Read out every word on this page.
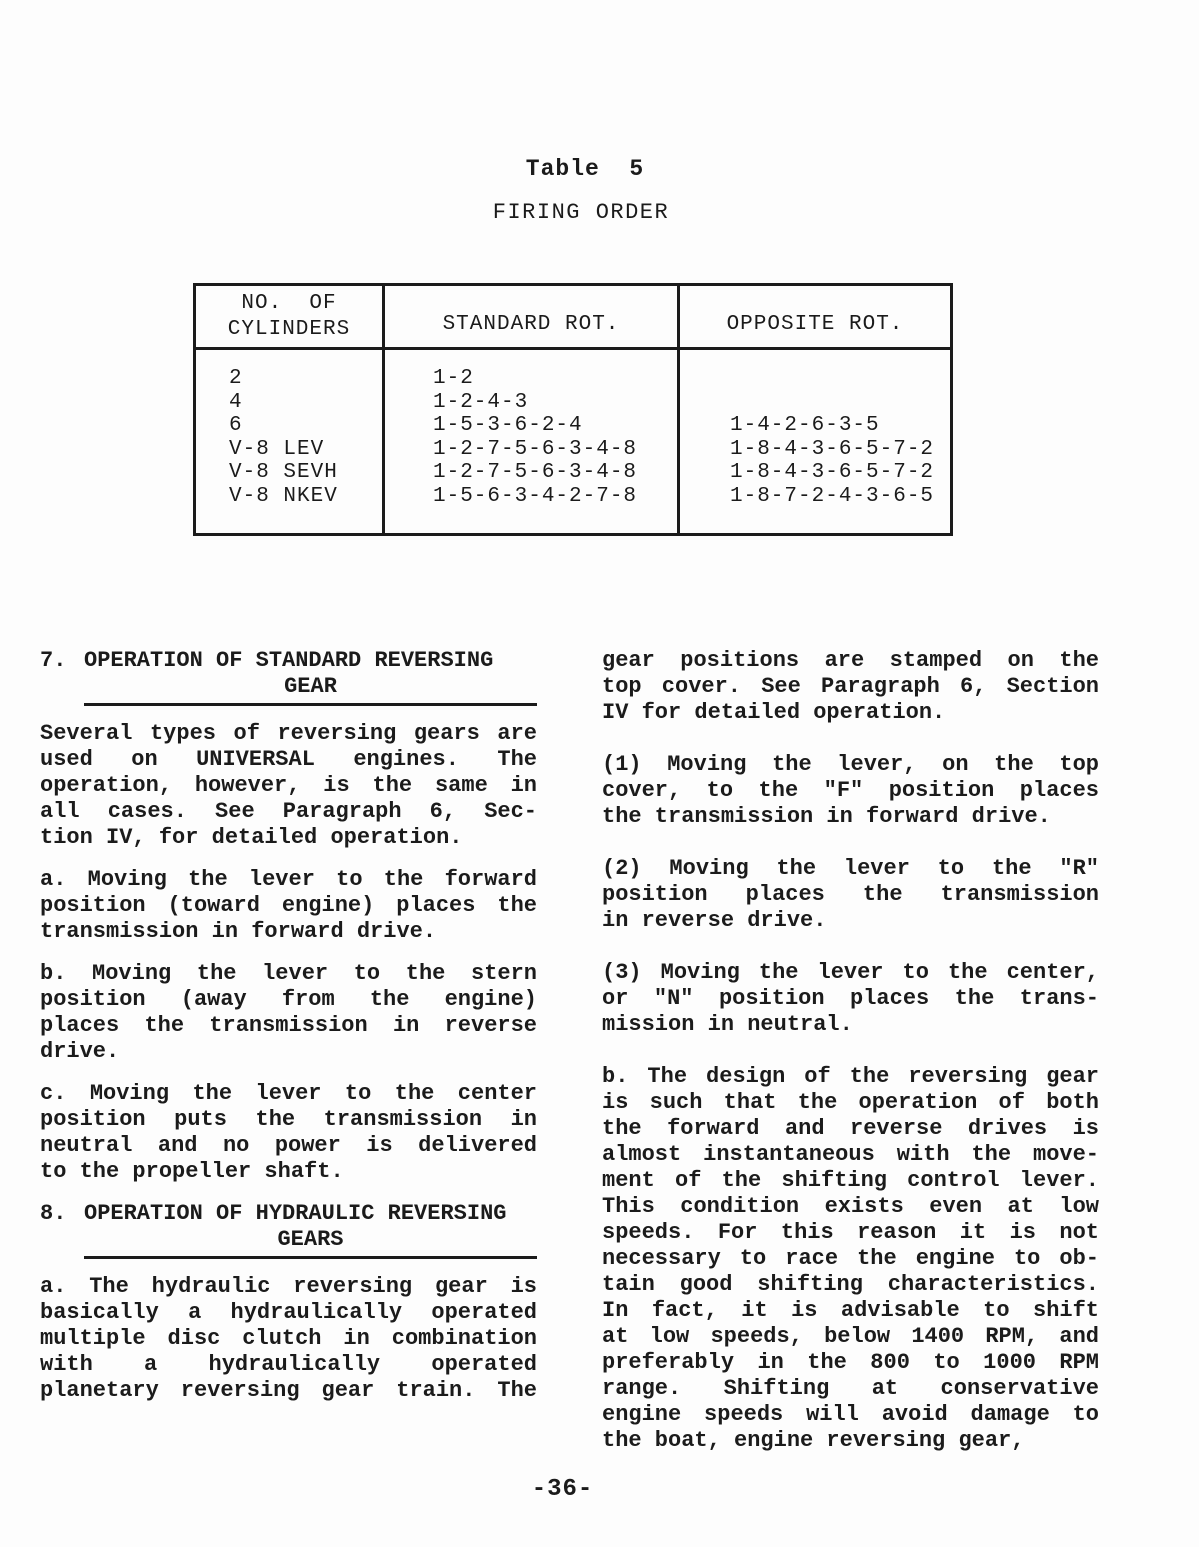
Table  5
FIRING ORDER
NO.  OF
CYLINDERS	STANDARD ROT.	OPPOSITE ROT.
2
4
6
V-8 LEV
V-8 SEVH
V-8 NKEV
1-2
1-2-4-3
1-5-3-6-2-4
1-2-7-5-6-3-4-8
1-2-7-5-6-3-4-8
1-5-6-3-4-2-7-8

1-4-2-6-3-5
1-8-4-3-6-5-7-2
1-8-4-3-6-5-7-2
1-8-7-2-4-3-6-5
7. OPERATION OF STANDARD REVERSING
GEAR
Several types of reversing gears are
used on UNIVERSAL engines. The
operation, however, is the same in
all cases. See Paragraph 6, Sec-
tion IV, for detailed operation.
a. Moving the lever to the forward
position (toward engine) places the
transmission in forward drive.
b. Moving the lever to the stern
position (away from the engine)
places the transmission in reverse
drive.
c. Moving the lever to the center
position puts the transmission in
neutral and no power is delivered
to the propeller shaft.
8. OPERATION OF HYDRAULIC REVERSING
GEARS
a. The hydraulic reversing gear is
basically a hydraulically operated
multiple disc clutch in combination
with a hydraulically operated
planetary reversing gear train. The
gear positions are stamped on the
top cover. See Paragraph 6, Section
IV for detailed operation.
(1) Moving the lever, on the top
cover, to the "F" position places
the transmission in forward drive.
(2) Moving the lever to the "R"
position places the transmission
in reverse drive.
(3) Moving the lever to the center,
or "N" position places the trans-
mission in neutral.
b. The design of the reversing gear
is such that the operation of both
the forward and reverse drives is
almost instantaneous with the move-
ment of the shifting control lever.
This condition exists even at low
speeds. For this reason it is not
necessary to race the engine to ob-
tain good shifting characteristics.
In fact, it is advisable to shift
at low speeds, below 1400 RPM, and
preferably in the 800 to 1000 RPM
range. Shifting at conservative
engine speeds will avoid damage to
the boat, engine reversing gear,
-36-
